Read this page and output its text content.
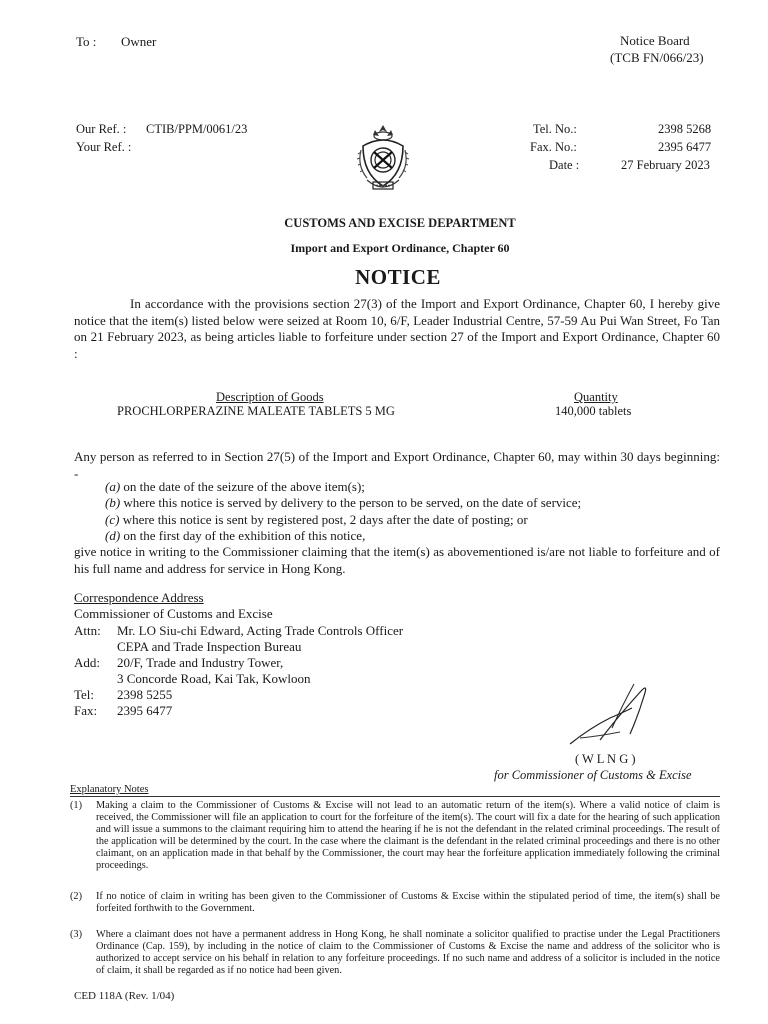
To : Owner	Notice Board
(TCB FN/066/23)
Our Ref. : CTIB/PPM/0061/23
Your Ref. :
Tel. No.:	2398 5268
Fax. No.:	2395 6477
Date :	27 February 2023
CUSTOMS AND EXCISE DEPARTMENT
Import and Export Ordinance, Chapter 60
NOTICE
In accordance with the provisions section 27(3) of the Import and Export Ordinance, Chapter 60, I hereby give notice that the item(s) listed below were seized at Room 10, 6/F, Leader Industrial Centre, 57-59 Au Pui Wan Street, Fo Tan on 21 February 2023, as being articles liable to forfeiture under section 27 of the Import and Export Ordinance, Chapter 60 :
Description of Goods	Quantity
PROCHLORPERAZINE MALEATE TABLETS 5 MG	140,000 tablets
Any person as referred to in Section 27(5) of the Import and Export Ordinance, Chapter 60, may within 30 days beginning: -
(a) on the date of the seizure of the above item(s);
(b) where this notice is served by delivery to the person to be served, on the date of service;
(c) where this notice is sent by registered post, 2 days after the date of posting; or
(d) on the first day of the exhibition of this notice,
give notice in writing to the Commissioner claiming that the item(s) as abovementioned is/are not liable to forfeiture and of his full name and address for service in Hong Kong.
Correspondence Address
Commissioner of Customs and Excise
Attn: Mr. LO Siu-chi Edward, Acting Trade Controls Officer
CEPA and Trade Inspection Bureau
Add: 20/F, Trade and Industry Tower,
3 Concorde Road, Kai Tak, Kowloon
Tel: 2398 5255
Fax: 2395 6477
( W L N G )
for Commissioner of Customs & Excise
Explanatory Notes
(1) Making a claim to the Commissioner of Customs & Excise will not lead to an automatic return of the item(s). Where a valid notice of claim is received, the Commissioner will file an application to court for the forfeiture of the item(s). The court will fix a date for the hearing of such application and will issue a summons to the claimant requiring him to attend the hearing if he is not the defendant in the related criminal proceedings. The result of the application will be determined by the court. In the case where the claimant is the defendant in the related criminal proceedings and there is no other claimant, on an application made in that behalf by the Commissioner, the court may hear the forfeiture application immediately following the criminal proceedings.
(2) If no notice of claim in writing has been given to the Commissioner of Customs & Excise within the stipulated period of time, the item(s) shall be forfeited forthwith to the Government.
(3) Where a claimant does not have a permanent address in Hong Kong, he shall nominate a solicitor qualified to practise under the Legal Practitioners Ordinance (Cap. 159), by including in the notice of claim to the Commissioner of Customs & Excise the name and address of the solicitor who is authorized to accept service on his behalf in relation to any forfeiture proceedings. If no such name and address of a solicitor is included in the notice of claim, it shall be regarded as if no notice had been given.
CED 118A (Rev. 1/04)
